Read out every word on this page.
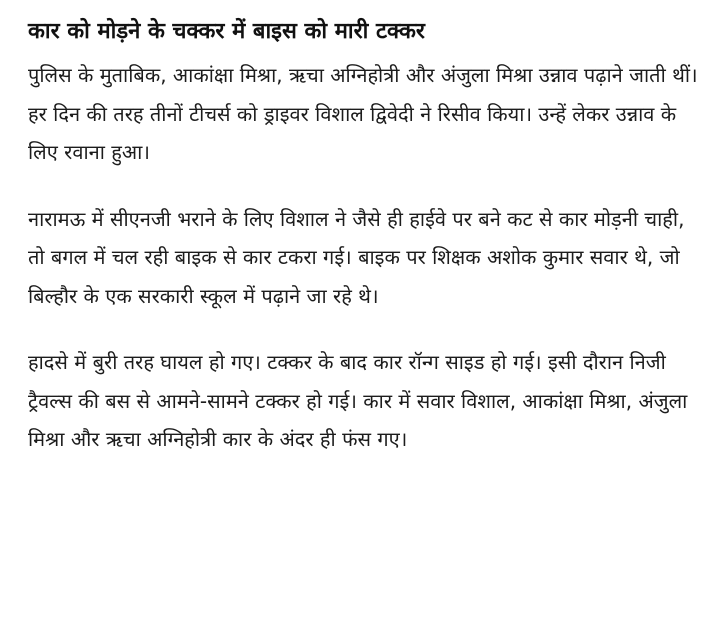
कार को मोड़ने के चक्कर में बाइस को मारी टक्कर

पुलिस के मुताबिक, आकांक्षा मिश्रा, ऋचा अग्निहोत्री और अंजुला मिश्रा उन्नाव पढ़ाने जाती थीं। हर दिन की तरह तीनों टीचर्स को ड्राइवर विशाल द्विवेदी ने रिसीव किया। उन्हें लेकर उन्नाव के लिए रवाना हुआ।

नारामऊ में सीएनजी भराने के लिए विशाल ने जैसे ही हाईवे पर बने कट से कार मोड़नी चाही, तो बगल में चल रही बाइक से कार टकरा गई। बाइक पर शिक्षक अशोक कुमार सवार थे, जो बिल्हौर के एक सरकारी स्कूल में पढ़ाने जा रहे थे।

हादसे में बुरी तरह घायल हो गए। टक्कर के बाद कार रॉन्ग साइड हो गई। इसी दौरान निजी ट्रैवल्स की बस से आमने-सामने टक्कर हो गई। कार में सवार विशाल, आकांक्षा मिश्रा, अंजुला मिश्रा और ऋचा अग्निहोत्री कार के अंदर ही फंस गए।
